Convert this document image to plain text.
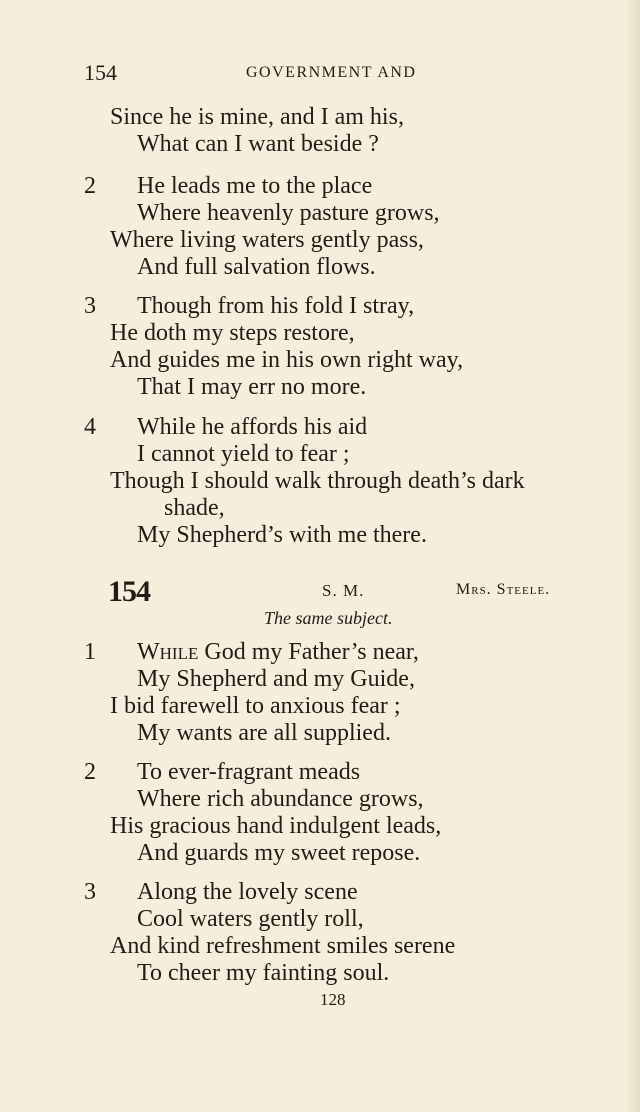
154	GOVERNMENT AND
Since he is mine, and I am his,
What can I want beside ?
2 He leads me to the place
Where heavenly pasture grows,
Where living waters gently pass,
And full salvation flows.
3 Though from his fold I stray,
He doth my steps restore,
And guides me in his own right way,
That I may err no more.
4 While he affords his aid
I cannot yield to fear ;
Though I should walk through death’s dark
shade,
My Shepherd’s with me there.
154	S. M.	Mrs. Steele.
The same subject.
1 While God my Father’s near,
My Shepherd and my Guide,
I bid farewell to anxious fear ;
My wants are all supplied.
2 To ever-fragrant meads
Where rich abundance grows,
His gracious hand indulgent leads,
And guards my sweet repose.
3 Along the lovely scene
Cool waters gently roll,
And kind refreshment smiles serene
To cheer my fainting soul.
128
